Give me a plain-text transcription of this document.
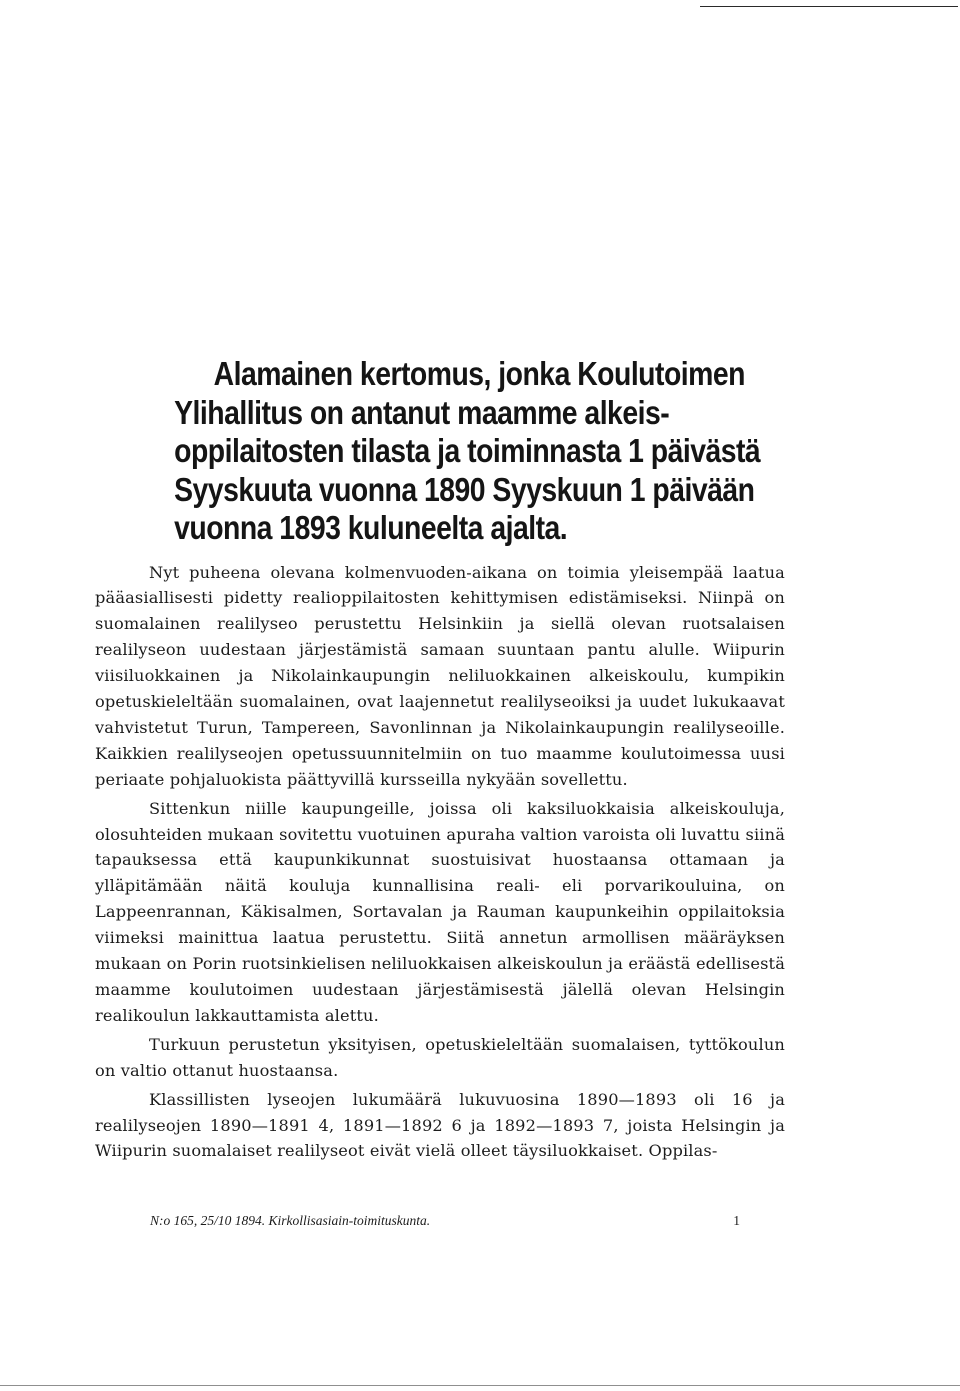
Alamainen kertomus, jonka Koulutoimen Ylihallitus on antanut maamme alkeis-oppilaitosten tilasta ja toiminnasta 1 päivästä Syyskuuta vuonna 1890 Syyskuun 1 päivään vuonna 1893 kuluneelta ajalta.

Nyt puheena olevana kolmenvuoden-aikana on toimia yleisempää laatua pääasiallisesti pidetty realioppilaitosten kehittymisen edistämiseksi. Niinpä on suomalainen realilyseo perustettu Helsinkiin ja siellä olevan ruotsalaisen realilyseon uudestaan järjestämistä samaan suuntaan pantu alulle. Wiipurin viisiluokkainen ja Nikolainkaupungin neliluokkainen alkeiskoulu, kumpikin opetuskieleltään suomalainen, ovat laajennetut realilyseoiksi ja uudet lukukaavat vahvistetut Turun, Tampereen, Savonlinnan ja Nikolainkaupungin realilyseoille. Kaikkien realilyseojen opetussuunnitelmiin on tuo maamme koulutoimessa uusi periaate pohjaluokista päättyvillä kursseilla nykyään sovellettu.

Sittenkun niille kaupungeille, joissa oli kaksiluokkaisia alkeiskouluja, olosuhteiden mukaan sovitettu vuotuinen apuraha valtion varoista oli luvattu siinä tapauksessa että kaupunkikunnat suostuisivat huostaansa ottamaan ja ylläpitämään näitä kouluja kunnallisina reali- eli porvarikouluina, on Lappeenrannan, Käkisalmen, Sortavalan ja Rauman kaupunkeihin oppilaitoksia viimeksi mainittua laatua perustettu. Siitä annetun armollisen määräyksen mukaan on Porin ruotsinkielisen neliluokkaisen alkeiskoulun ja eräästä edellisestä maamme koulutoimen uudestaan järjestämisestä jälellä olevan Helsingin realikoulun lakkauttamista alettu.

Turkuun perustetun yksityisen, opetuskieleltään suomalaisen, tyttökoulun on valtio ottanut huostaansa.

Klassillisten lyseojen lukumäärä lukuvuosina 1890—1893 oli 16 ja realilyseojen 1890—1891 4, 1891—1892 6 ja 1892—1893 7, joista Helsingin ja Wiipurin suomalaiset realilyseot eivät vielä olleet täysiluokkaiset. Oppilas-

N:o 165, 25/10 1894. Kirkollisasiain-toimituskunta.	1
